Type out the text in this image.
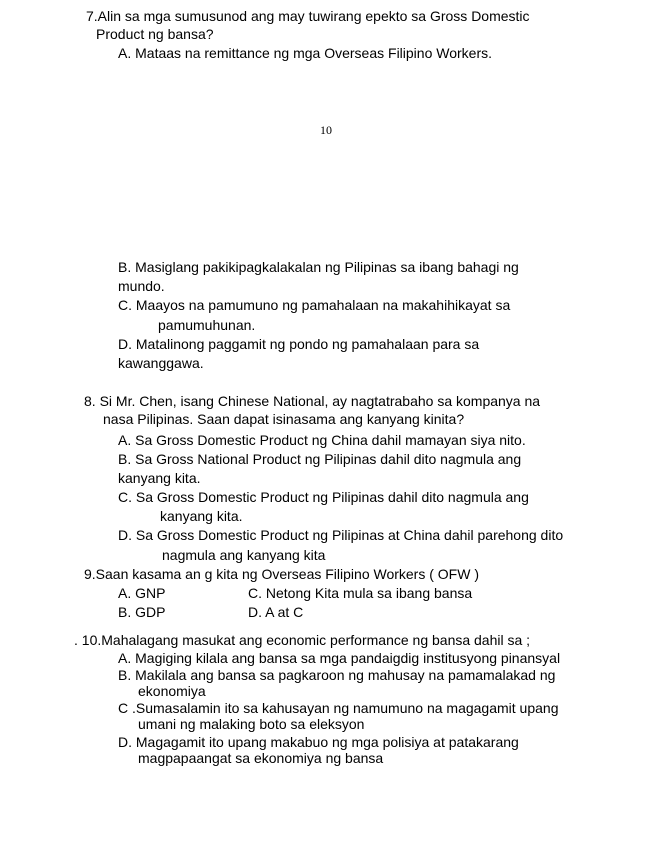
7.Alin sa mga sumusunod ang may tuwirang epekto sa Gross Domestic
Product ng bansa?
A. Mataas na remittance ng mga Overseas Filipino Workers.
10
B. Masiglang pakikipagkalakalan ng Pilipinas sa ibang bahagi ng
mundo.
C. Maayos na pamumuno ng pamahalaan na makahihikayat sa
pamumuhunan.
D. Matalinong paggamit ng pondo ng pamahalaan para sa
kawanggawa.
8. Si Mr. Chen, isang Chinese National, ay nagtatrabaho sa kompanya na
nasa Pilipinas. Saan dapat isinasama ang kanyang kinita?
A. Sa Gross Domestic Product ng China dahil mamayan siya nito.
B. Sa Gross National Product ng Pilipinas dahil dito nagmula ang
kanyang kita.
C. Sa Gross Domestic Product ng Pilipinas dahil dito nagmula ang
kanyang kita.
D. Sa Gross Domestic Product ng Pilipinas at China dahil parehong dito
nagmula ang kanyang kita
9.Saan kasama an g kita ng Overseas Filipino Workers ( OFW )
A. GNP	C. Netong Kita mula sa ibang bansa
B. GDP	D. A at C
. 10.Mahalagang masukat ang economic performance ng bansa dahil sa ;
A. Magiging kilala ang bansa sa mga pandaigdig institusyong pinansyal
B. Makilala ang bansa sa pagkaroon ng mahusay na pamamalakad ng
ekonomiya
C .Sumasalamin ito sa kahusayan ng namumuno na magagamit upang
umani ng malaking boto sa eleksyon
D. Magagamit ito upang makabuo ng mga polisiya at patakarang
magpapaangat sa ekonomiya ng bansa
